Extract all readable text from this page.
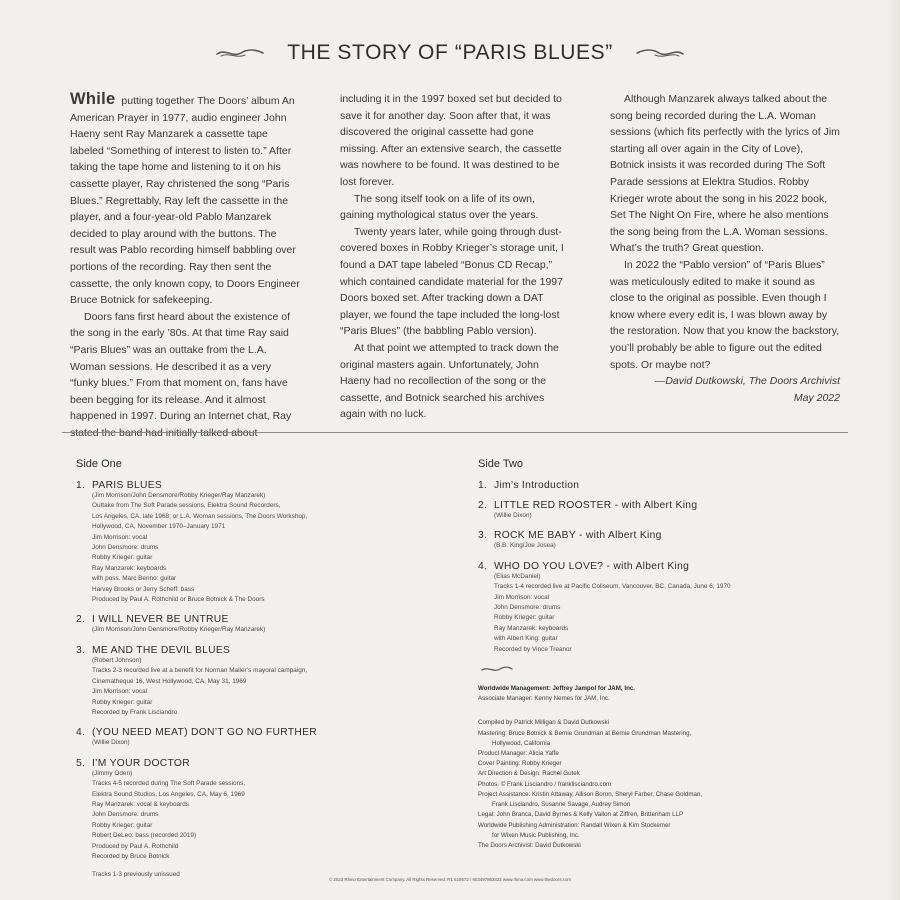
THE STORY OF “PARIS BLUES”

While putting together The Doors’ album An American Prayer in 1977, audio engineer John Haeny sent Ray Manzarek a cassette tape labeled “Something of interest to listen to.” After taking the tape home and listening to it on his cassette player, Ray christened the song “Paris Blues.” Regrettably, Ray left the cassette in the player, and a four-year-old Pablo Manzarek decided to play around with the buttons. The result was Pablo recording himself babbling over portions of the recording. Ray then sent the cassette, the only known copy, to Doors Engineer Bruce Botnick for safekeeping.

Doors fans first heard about the existence of the song in the early ’80s. At that time Ray said “Paris Blues” was an outtake from the L.A. Woman sessions. He described it as a very “funky blues.” From that moment on, fans have been begging for its release. And it almost happened in 1997. During an Internet chat, Ray stated the band had initially talked about

including it in the 1997 boxed set but decided to save it for another day. Soon after that, it was discovered the original cassette had gone missing. After an extensive search, the cassette was nowhere to be found. It was destined to be lost forever.

The song itself took on a life of its own, gaining mythological status over the years.

Twenty years later, while going through dust-covered boxes in Robby Krieger’s storage unit, I found a DAT tape labeled “Bonus CD Recap,” which contained candidate material for the 1997 Doors boxed set. After tracking down a DAT player, we found the tape included the long-lost “Paris Blues” (the babbling Pablo version).

At that point we attempted to track down the original masters again. Unfortunately, John Haeny had no recollection of the song or the cassette, and Botnick searched his archives again with no luck.

Although Manzarek always talked about the song being recorded during the L.A. Woman sessions (which fits perfectly with the lyrics of Jim starting all over again in the City of Love), Botnick insists it was recorded during The Soft Parade sessions at Elektra Studios. Robby Krieger wrote about the song in his 2022 book, Set The Night On Fire, where he also mentions the song being from the L.A. Woman sessions. What’s the truth? Great question.

In 2022 the “Pablo version” of “Paris Blues” was meticulously edited to make it sound as close to the original as possible. Even though I know where every edit is, I was blown away by the restoration. Now that you know the backstory, you’ll probably be able to figure out the edited spots. Or maybe not?

—David Dutkowski, The Doors Archivist

May 2022

Side One
1. PARIS BLUES
(Jim Morrison/John Densmore/Robby Krieger/Ray Manzarek)
Outtake from The Soft Parade sessions, Elektra Sound Recorders,
Los Angeles, CA, late 1968; or L.A. Woman sessions, The Doors Workshop,
Hollywood, CA, November 1970–January 1971
Jim Morrison: vocal
John Densmore: drums
Robby Krieger: guitar
Ray Manzarek: keyboards
with poss. Marc Benno: guitar
Harvey Brooks or Jerry Scheff: bass
Produced by Paul A. Rothchild or Bruce Botnick & The Doors
2. I WILL NEVER BE UNTRUE
(Jim Morrison/John Densmore/Robby Krieger/Ray Manzarek)
3. ME AND THE DEVIL BLUES
(Robert Johnson)
Tracks 2-3 recorded live at a benefit for Norman Mailer’s mayoral campaign,
Cinematheque 16, West Hollywood, CA, May 31, 1969
Jim Morrison: vocal
Robby Krieger: guitar
Recorded by Frank Lisciandro
4. (YOU NEED MEAT) DON’T GO NO FURTHER
(Willie Dixon)
5. I’M YOUR DOCTOR
(Jimmy Oden)
Tracks 4-5 recorded during The Soft Parade sessions,
Elektra Sound Studios, Los Angeles, CA, May 6, 1969
Ray Manzarek: vocal & keyboards
John Densmore: drums
Robby Krieger: guitar
Robert DeLeo: bass (recorded 2019)
Produced by Paul A. Rothchild
Recorded by Bruce Botnick
Tracks 1-3 previously unissued
Side Two
1. Jim’s Introduction
2. LITTLE RED ROOSTER - with Albert King
(Willie Dixon)
3. ROCK ME BABY - with Albert King
(B.B. King/Joe Josea)
4. WHO DO YOU LOVE? - with Albert King
(Elias McDaniel)
Tracks 1-4 recorded live at Pacific Coliseum, Vancouver, BC, Canada, June 6, 1970
Jim Morrison: vocal
John Densmore: drums
Robby Krieger: guitar
Ray Manzarek: keyboards
with Albert King: guitar
Recorded by Vince Treanor
Worldwide Management: Jeffrey Jampol for JAM, Inc.
Associate Manager: Kenny Nemes for JAM, Inc.
Compiled by Patrick Milligan & David Dutkowski
Mastering: Bruce Botnick & Bernie Grundman at Bernie Grundman Mastering,
Hollywood, California
Product Manager: Alicia Yaffe
Cover Painting: Robby Krieger
Art Direction & Design: Rachel Gutek
Photos: © Frank Lisciandro / franklisciandro.com
Project Assistance: Kristin Attaway, Allison Boron, Sheryl Farber, Chase Goldman,
Frank Lisciandro, Susanne Savage, Audrey Simon
Legal: John Branca, David Byrnes & Kelly Vallon at Ziffren, Brittenham LLP
Worldwide Publishing Administration: Randall Wixen & Kim Stockemer
for Wixen Music Publishing, Inc.
The Doors Archivist: David Dutkowski
© 2023 Rhino Entertainment Company. All Rights Reserved. R1 619572 / 603497862822 www.rhino.com www.thedoors.com
